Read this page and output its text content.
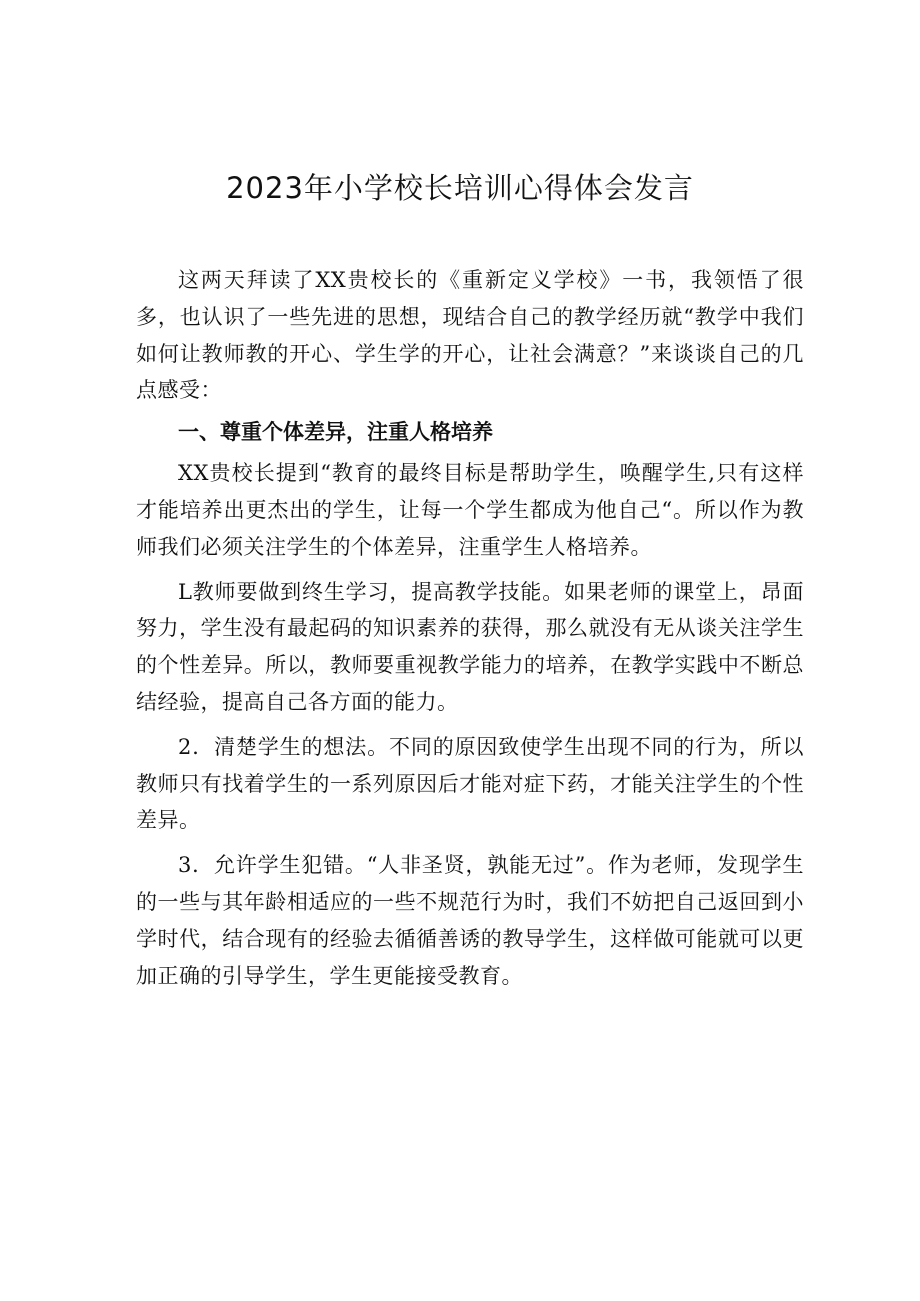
2023年小学校长培训心得体会发言

这两天拜读了XX贵校长的《重新定义学校》一书，我领悟了很多，也认识了一些先进的思想，现结合自己的教学经历就“教学中我们如何让教师教的开心、学生学的开心，让社会满意？”来谈谈自己的几点感受：

一、尊重个体差异，注重人格培养

XX贵校长提到“教育的最终目标是帮助学生，唤醒学生,只有这样才能培养出更杰出的学生，让每一个学生都成为他自己“。所以作为教师我们必须关注学生的个体差异，注重学生人格培养。

L教师要做到终生学习，提高教学技能。如果老师的课堂上，昂面努力，学生没有最起码的知识素养的获得，那么就没有无从谈关注学生的个性差异。所以，教师要重视教学能力的培养，在教学实践中不断总结经验，提高自己各方面的能力。

2．清楚学生的想法。不同的原因致使学生出现不同的行为，所以教师只有找着学生的一系列原因后才能对症下药，才能关注学生的个性差异。

3．允许学生犯错。“人非圣贤，孰能无过”。作为老师，发现学生的一些与其年龄相适应的一些不规范行为时，我们不妨把自己返回到小学时代，结合现有的经验去循循善诱的教导学生，这样做可能就可以更加正确的引导学生，学生更能接受教育。
